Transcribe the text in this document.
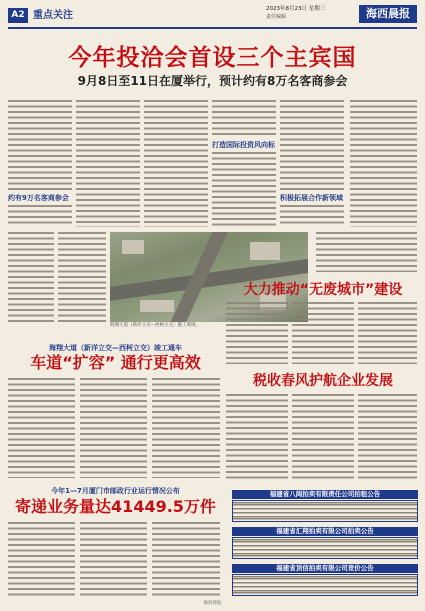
A2 重点关注
2023年8月23日 星期三
责任编辑	海西晨报
今年投洽会首设三个主宾国
9月8日至11日在厦举行，预计约有8万名客商参会
约有9万名客商参会
打造国际投资风向标
积极拓展合作新领域
海翔大道（新洋立交—西柯立交）施工现场。
大力推动“无废城市”建设
海翔大道（新洋立交—西柯立交）竣工通车
车道“扩容” 通行更高效
税收春风护航企业发展
今年1—7月厦门市邮政行业运行情况公布
寄递业务量达41449.5万件
福建省八闽拍卖有限责任公司拍租公告
福建省汇翔拍卖有限公司拍卖公告
福建省顶信拍卖有限公司竞价公告
海西晨报
